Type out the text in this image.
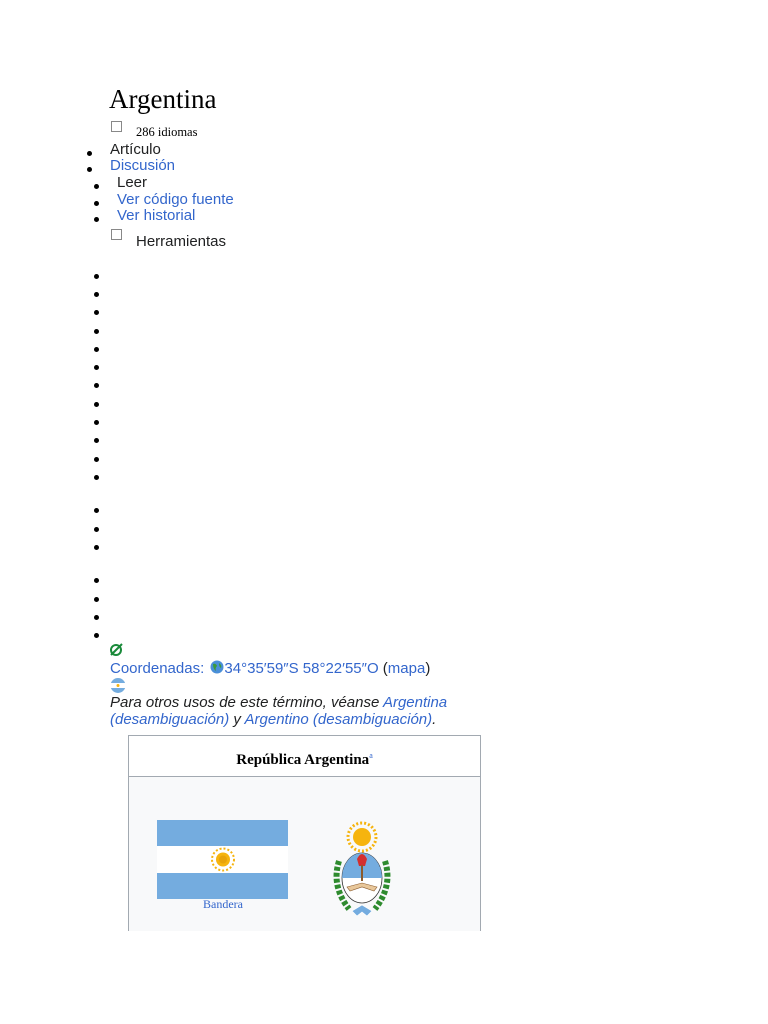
Argentina
286 idiomas
Artículo
Discusión
Leer
Ver código fuente
Ver historial
Herramientas
Coordenadas: 34°35′59″S 58°22′55″O (mapa)
Para otros usos de este término, véanse Argentina (desambiguación) y Argentino (desambiguación).
República Argentina$^a$
Bandera
